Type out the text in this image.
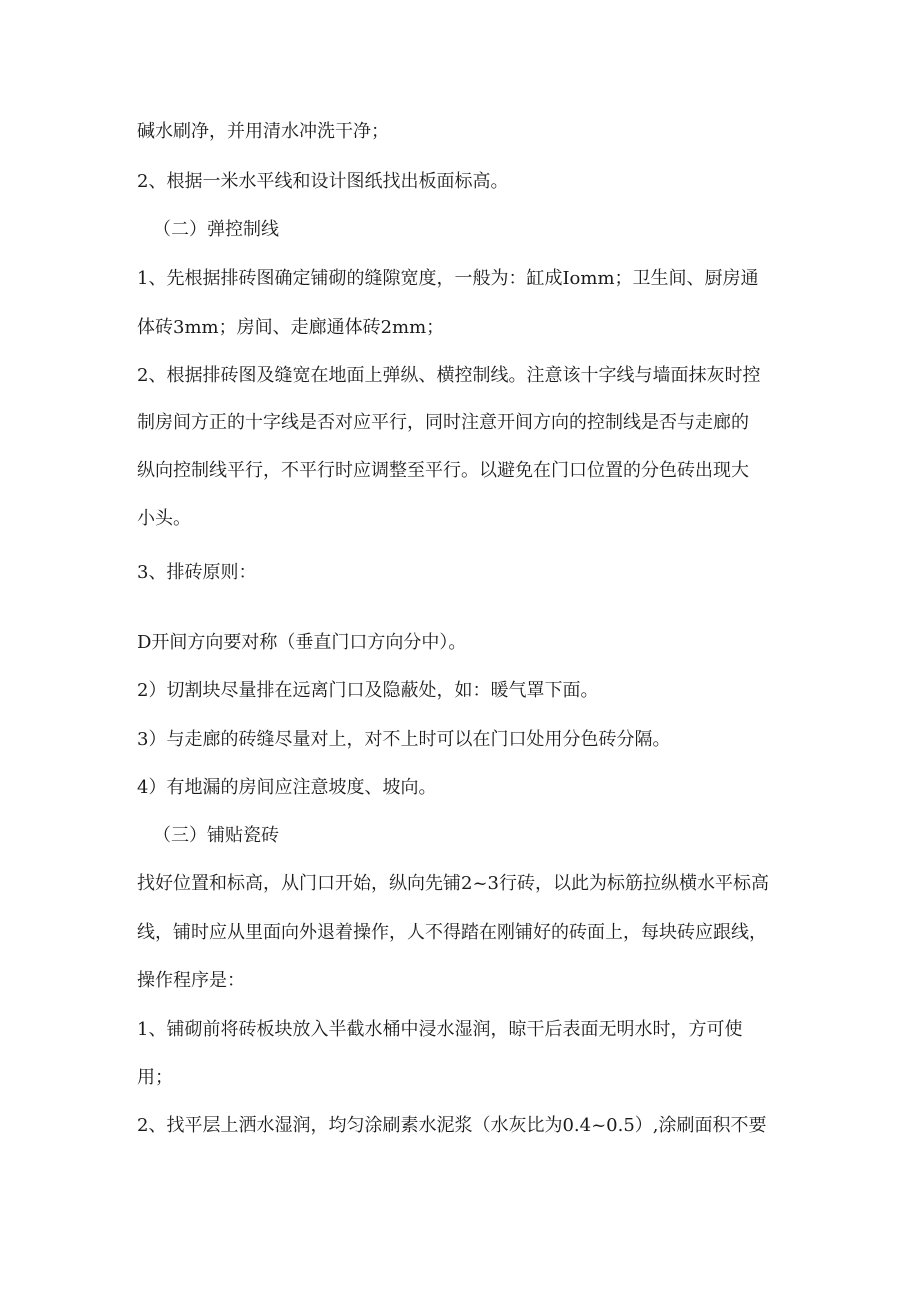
碱水刷净，并用清水冲洗干净；
2、根据一米水平线和设计图纸找出板面标高。
（二）弹控制线
1、先根据排砖图确定铺砌的缝隙宽度，一般为：缸成Iomm；卫生间、厨房通
体砖3mm；房间、走廊通体砖2mm；
2、根据排砖图及缝宽在地面上弹纵、横控制线。注意该十字线与墙面抹灰时控
制房间方正的十字线是否对应平行，同时注意开间方向的控制线是否与走廊的
纵向控制线平行，不平行时应调整至平行。以避免在门口位置的分色砖出现大
小头。
3、排砖原则：
D开间方向要对称（垂直门口方向分中）。
2）切割块尽量排在远离门口及隐蔽处，如：暖气罩下面。
3）与走廊的砖缝尽量对上，对不上时可以在门口处用分色砖分隔。
4）有地漏的房间应注意坡度、坡向。
（三）铺贴瓷砖
找好位置和标高，从门口开始，纵向先铺2~3行砖，以此为标筋拉纵横水平标高
线，铺时应从里面向外退着操作，人不得踏在刚铺好的砖面上，每块砖应跟线，
操作程序是：
1、铺砌前将砖板块放入半截水桶中浸水湿润，晾干后表面无明水时，方可使
用；
2、找平层上洒水湿润，均匀涂刷素水泥浆（水灰比为0.4~0.5）,涂刷面积不要
